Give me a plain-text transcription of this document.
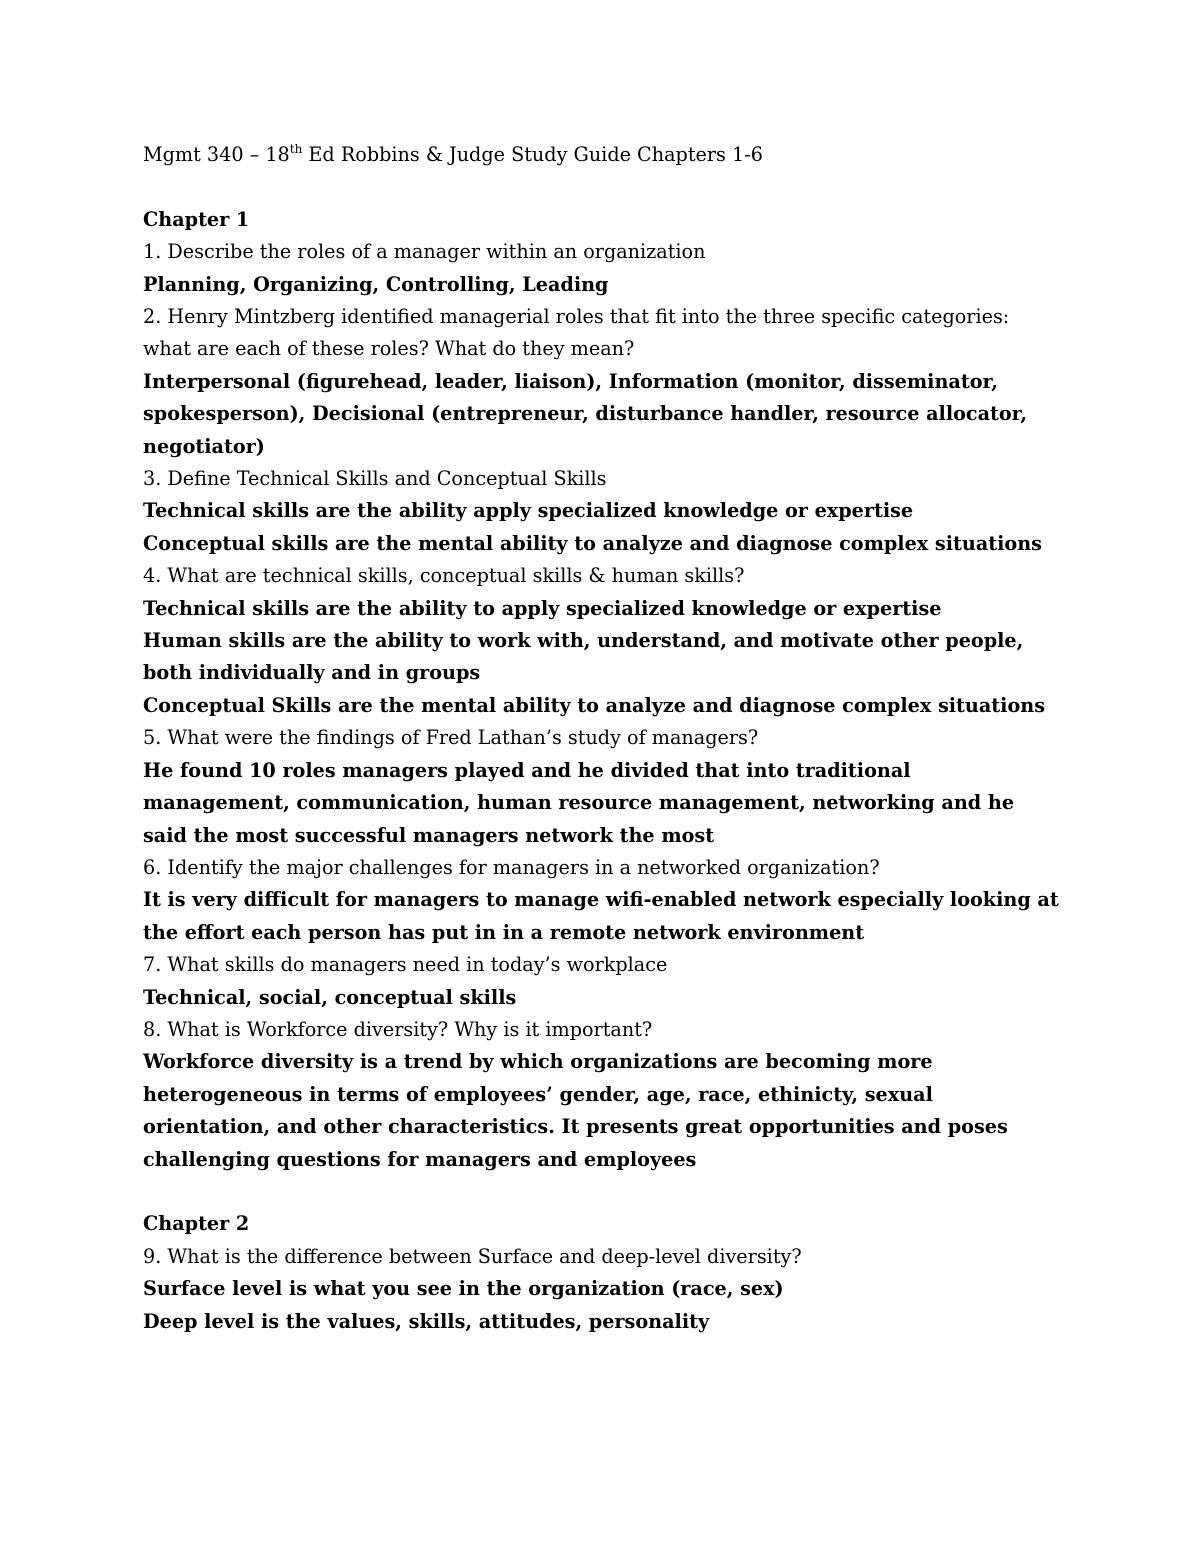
Mgmt 340 – 18th Ed Robbins & Judge Study Guide Chapters 1-6

Chapter 1

1. Describe the roles of a manager within an organization

Planning, Organizing, Controlling, Leading

2. Henry Mintzberg identified managerial roles that fit into the three specific categories: what are each of these roles? What do they mean?

Interpersonal (figurehead, leader, liaison), Information (monitor, disseminator, spokesperson), Decisional (entrepreneur, disturbance handler, resource allocator, negotiator)

3. Define Technical Skills and Conceptual Skills

Technical skills are the ability apply specialized knowledge or expertise

Conceptual skills are the mental ability to analyze and diagnose complex situations

4. What are technical skills, conceptual skills & human skills?

Technical skills are the ability to apply specialized knowledge or expertise

Human skills are the ability to work with, understand, and motivate other people, both individually and in groups

Conceptual Skills are the mental ability to analyze and diagnose complex situations

5. What were the findings of Fred Lathan’s study of managers?

He found 10 roles managers played and he divided that into traditional management, communication, human resource management, networking and he said the most successful managers network the most

6. Identify the major challenges for managers in a networked organization?

It is very difficult for managers to manage wifi-enabled network especially looking at the effort each person has put in in a remote network environment

7. What skills do managers need in today’s workplace

Technical, social, conceptual skills

8. What is Workforce diversity? Why is it important?

Workforce diversity is a trend by which organizations are becoming more heterogeneous in terms of employees’ gender, age, race, ethinicty, sexual orientation, and other characteristics. It presents great opportunities and poses challenging questions for managers and employees

Chapter 2

9. What is the difference between Surface and deep-level diversity?

Surface level is what you see in the organization (race, sex)

Deep level is the values, skills, attitudes, personality
